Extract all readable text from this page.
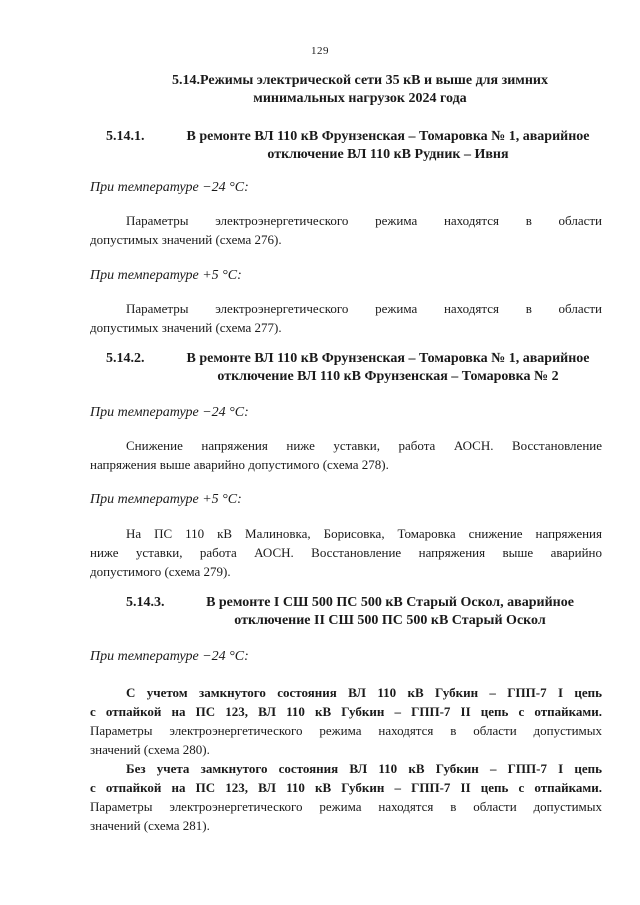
129
5.14.Режимы электрической сети 35 кВ и выше для зимних
минимальных нагрузок 2024 года
5.14.1.	В ремонте ВЛ 110 кВ Фрунзенская – Томаровка № 1, аварийное
отключение ВЛ 110 кВ Рудник – Ивня
При температуре −24 °С:
Параметры электроэнергетического режима находятся в области
допустимых значений (схема 276).
При температуре +5 °С:
Параметры электроэнергетического режима находятся в области
допустимых значений (схема 277).
5.14.2.	В ремонте ВЛ 110 кВ Фрунзенская – Томаровка № 1, аварийное
отключение ВЛ 110 кВ Фрунзенская – Томаровка № 2
При температуре −24 °С:
Снижение напряжения ниже уставки, работа АОСН. Восстановление
напряжения выше аварийно допустимого (схема 278).
При температуре +5 °С:
На ПС 110 кВ Малиновка, Борисовка, Томаровка снижение напряжения
ниже уставки, работа АОСН. Восстановление напряжения выше аварийно
допустимого (схема 279).
5.14.3.	В ремонте I СШ 500 ПС 500 кВ Старый Оскол, аварийное
отключение II СШ 500 ПС 500 кВ Старый Оскол
При температуре −24 °С:
С учетом замкнутого состояния ВЛ 110 кВ Губкин – ГПП-7 I цепь
с отпайкой на ПС 123, ВЛ 110 кВ Губкин – ГПП-7 II цепь с отпайками.
Параметры электроэнергетического режима находятся в области допустимых
значений (схема 280).
Без учета замкнутого состояния ВЛ 110 кВ Губкин – ГПП-7 I цепь
с отпайкой на ПС 123, ВЛ 110 кВ Губкин – ГПП-7 II цепь с отпайками.
Параметры электроэнергетического режима находятся в области допустимых
значений (схема 281).
